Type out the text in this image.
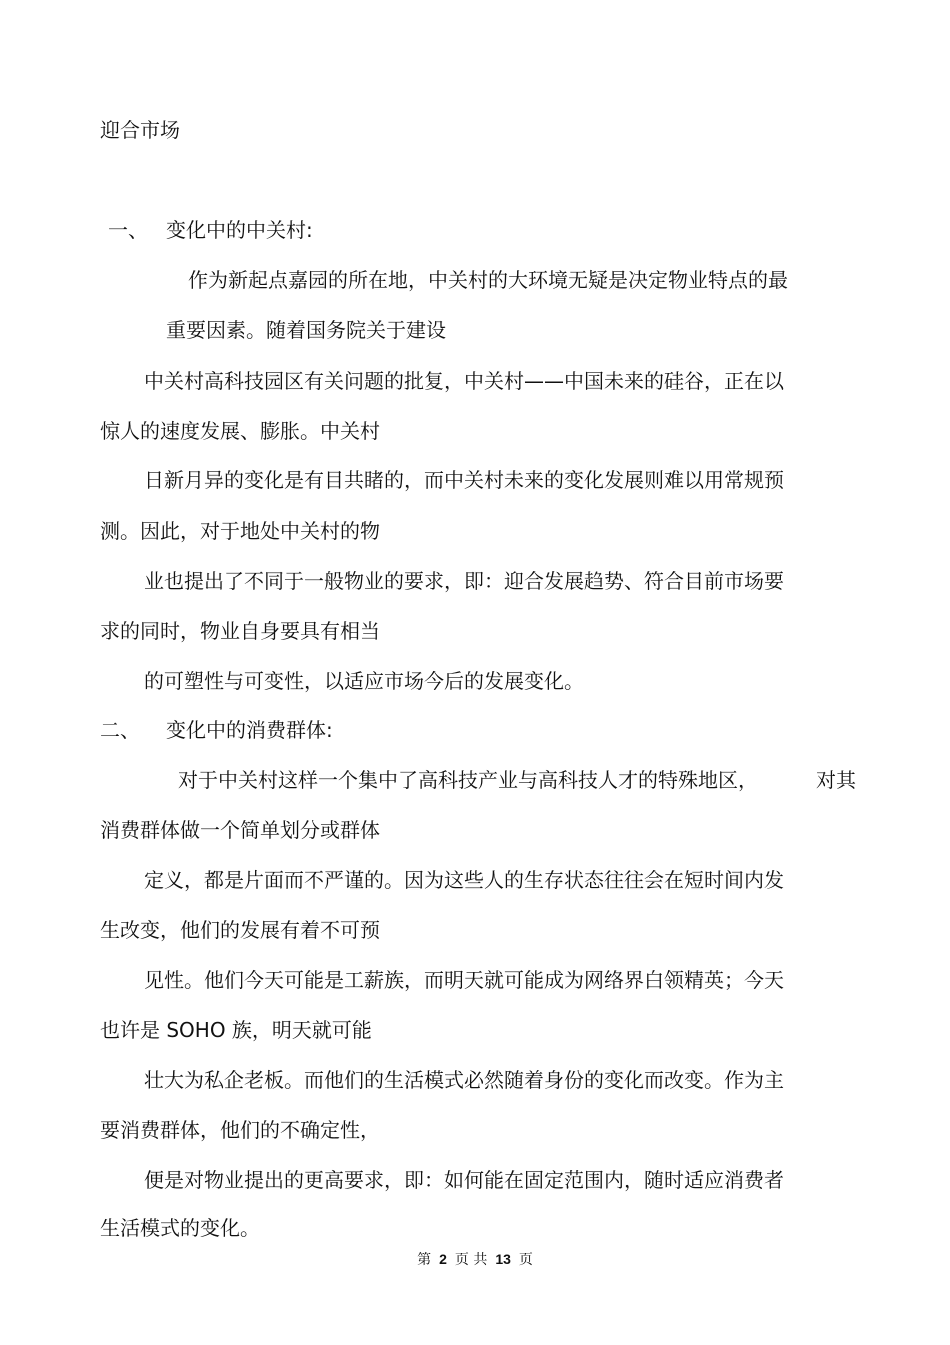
迎合市场
一、 变化中的中关村:
作为新起点嘉园的所在地，中关村的大环境无疑是决定物业特点的最
重要因素。随着国务院关于建设
中关村高科技园区有关问题的批复，中关村——中国未来的硅谷，正在以
惊人的速度发展、膨胀。中关村
日新月异的变化是有目共睹的，而中关村未来的变化发展则难以用常规预
测。因此，对于地处中关村的物
业也提出了不同于一般物业的要求，即：迎合发展趋势、符合目前市场要
求的同时，物业自身要具有相当
的可塑性与可变性，以适应市场今后的发展变化。
二、 变化中的消费群体:
对于中关村这样一个集中了高科技产业与高科技人才的特殊地区，	对其
消费群体做一个简单划分或群体
定义，都是片面而不严谨的。因为这些人的生存状态往往会在短时间内发
生改变，他们的发展有着不可预
见性。他们今天可能是工薪族，而明天就可能成为网络界白领精英；今天
也许是 SOHO 族，明天就可能
壮大为私企老板。而他们的生活模式必然随着身份的变化而改变。作为主
要消费群体，他们的不确定性，
便是对物业提出的更高要求，即：如何能在固定范围内，随时适应消费者
生活模式的变化。
第 2 页 共 13 页
